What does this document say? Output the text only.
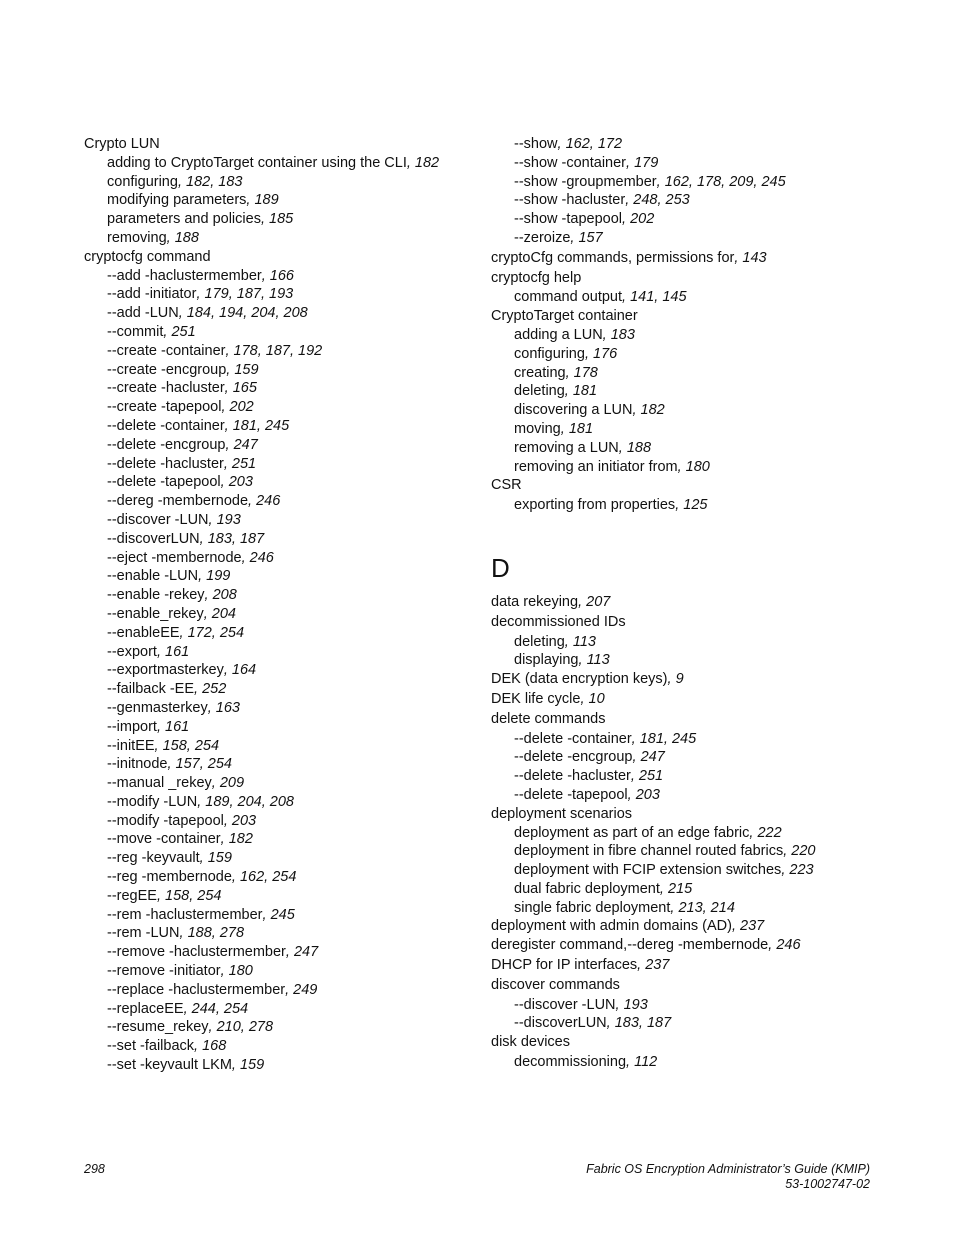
Crypto LUN
adding to CryptoTarget container using the CLI, 182
configuring, 182, 183
modifying parameters, 189
parameters and policies, 185
removing, 188
cryptocfg command
--add -haclustermember, 166
--add -initiator, 179, 187, 193
--add -LUN, 184, 194, 204, 208
--commit, 251
--create -container, 178, 187, 192
--create -encgroup, 159
--create -hacluster, 165
--create -tapepool, 202
--delete -container, 181, 245
--delete -encgroup, 247
--delete -hacluster, 251
--delete -tapepool, 203
--dereg -membernode, 246
--discover -LUN, 193
--discoverLUN, 183, 187
--eject -membernode, 246
--enable -LUN, 199
--enable -rekey, 208
--enable_rekey, 204
--enableEE, 172, 254
--export, 161
--exportmasterkey, 164
--failback -EE, 252
--genmasterkey, 163
--import, 161
--initEE, 158, 254
--initnode, 157, 254
--manual _rekey, 209
--modify -LUN, 189, 204, 208
--modify -tapepool, 203
--move -container, 182
--reg -keyvault, 159
--reg -membernode, 162, 254
--regEE, 158, 254
--rem -haclustermember, 245
--rem -LUN, 188, 278
--remove -haclustermember, 247
--remove -initiator, 180
--replace -haclustermember, 249
--replaceEE, 244, 254
--resume_rekey, 210, 278
--set -failback, 168
--set -keyvault LKM, 159
--show, 162, 172
--show -container, 179
--show -groupmember, 162, 178, 209, 245
--show -hacluster, 248, 253
--show -tapepool, 202
--zeroize, 157
cryptoCfg commands, permissions for, 143
cryptocfg help
command output, 141, 145
CryptoTarget container
adding a LUN, 183
configuring, 176
creating, 178
deleting, 181
discovering a LUN, 182
moving, 181
removing a LUN, 188
removing an initiator from, 180
CSR
exporting from properties, 125
D
data rekeying, 207
decommissioned IDs
deleting, 113
displaying, 113
DEK (data encryption keys), 9
DEK life cycle, 10
delete commands
--delete -container, 181, 245
--delete -encgroup, 247
--delete -hacluster, 251
--delete -tapepool, 203
deployment scenarios
deployment as part of an edge fabric, 222
deployment in fibre channel routed fabrics, 220
deployment with FCIP extension switches, 223
dual fabric deployment, 215
single fabric deployment, 213, 214
deployment with admin domains (AD), 237
deregister command,--dereg -membernode, 246
DHCP for IP interfaces, 237
discover commands
--discover -LUN, 193
--discoverLUN, 183, 187
disk devices
decommissioning, 112
298	Fabric OS Encryption Administrator’s Guide (KMIP)
53-1002747-02
